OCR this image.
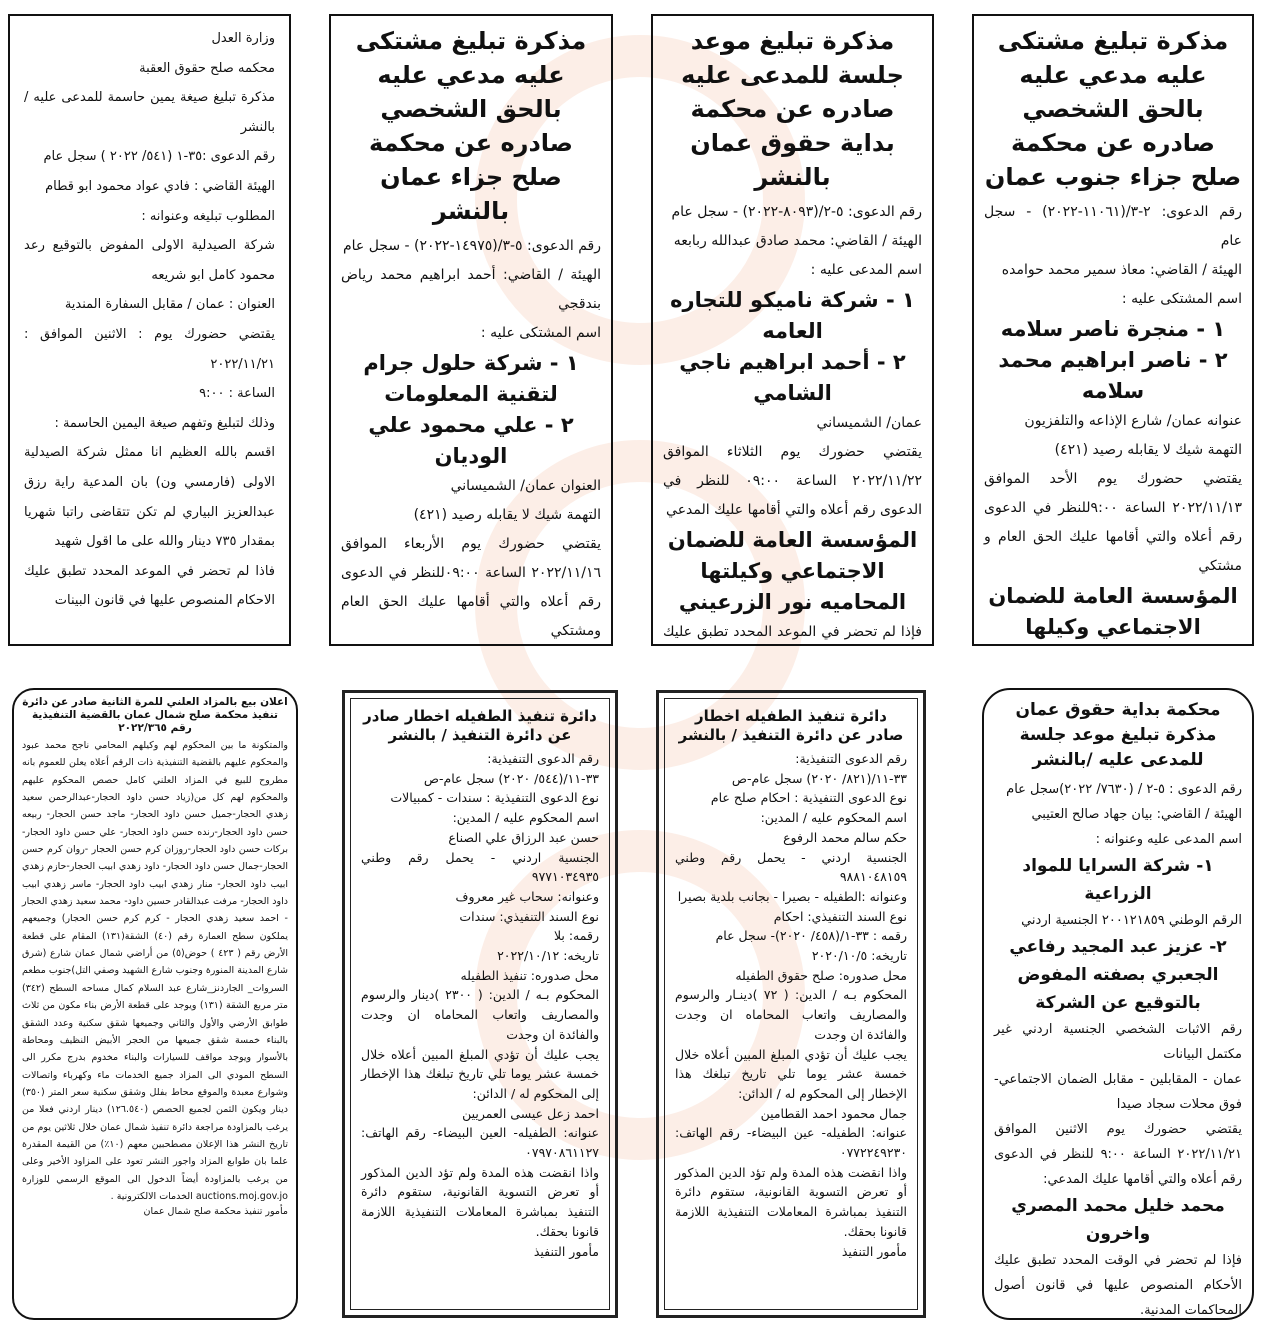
مذكرة تبليغ مشتكى عليه مدعي عليه بالحق الشخصي صادره عن محكمة صلح جزاء جنوب عمان

رقم الدعوى: ٢-٣/(١١٠٦١-٢٠٢٢) - سجل عام

الهيئة / القاضي: معاذ سمير محمد حوامده

اسم المشتكى عليه :

١ - منجرة ناصر سلامه

٢ - ناصر ابراهيم محمد سلامه

عنوانه عمان/ شارع الإذاعه والتلفزيون

التهمة شيك لا يقابله رصيد (٤٢١)

يقتضي حضورك يوم الأحد الموافق ٢٠٢٢/١١/١٣ الساعة ٩:٠٠للنظر في الدعوى رقم أعلاه والتي أقامها عليك الحق العام و مشتكي

المؤسسة العامة للضمان الاجتماعي وكيلها

مذكرة تبليغ موعد جلسة للمدعى عليه صادره عن محكمة بداية حقوق عمان بالنشر

رقم الدعوى: ٥-٢/(٨٠٩٣-٢٠٢٢) - سجل عام

الهيئة / القاضي: محمد صادق عبدالله ربابعه

اسم المدعى عليه :

١ - شركة ناميكو للتجاره العامه

٢ - أحمد ابراهيم ناجي الشامي

عمان/ الشميساني

يقتضي حضورك يوم الثلاثاء الموافق ٢٠٢٢/١١/٢٢ الساعة ٠٩:٠٠ للنظر في الدعوى رقم أعلاه والتي أقامها عليك المدعي

المؤسسة العامة للضمان الاجتماعي وكيلتها المحاميه نور الزرعيني

فإذا لم تحضر في الموعد المحدد تطبق عليك

مذكرة تبليغ مشتكى عليه مدعي عليه بالحق الشخصي صادره عن محكمة صلح جزاء عمان بالنشر

رقم الدعوى: ٥-٣/(١٤٩٧٥-٢٠٢٢) - سجل عام

الهيئة / القاضي: أحمد ابراهيم محمد رياض بندقجي

اسم المشتكى عليه :

١ - شركة حلول جرام لتقنية المعلومات

٢ - علي محمود علي الوديان

العنوان عمان/ الشميساني

التهمة شيك لا يقابله رصيد (٤٢١)

يقتضي حضورك يوم الأربعاء الموافق ٢٠٢٢/١١/١٦ الساعة ٠٩:٠٠للنظر في الدعوى رقم أعلاه والتي أقامها عليك الحق العام ومشتكي

وزارة العدل

محكمه صلح حقوق العقبة

مذكرة تبليغ صيغة يمين حاسمة للمدعى عليه / بالنشر

رقم الدعوى :٣٥-١ (٥٤١/ ٢٠٢٢ ) سجل عام

الهيئة القاضي : فادي عواد محمود ابو قطام

المطلوب تبليغه وعنوانه :

شركة الصيدلية الاولى المفوض بالتوقيع رعد محمود كامل ابو شريعه

العنوان : عمان / مقابل السفارة المندية

يقتضي حضورك يوم : الاثنين الموافق : ٢٠٢٢/١١/٢١

الساعة : ٩:٠٠

وذلك لتبليغ وتفهم صيغة اليمين الحاسمة :

اقسم بالله العظيم انا ممثل شركة الصيدلية الاولى (فارمسي ون) بان المدعية راية رزق عبدالعزيز البياري لم تكن تتقاضى راتبا شهريا بمقدار ٧٣٥ دينار والله على ما اقول شهيد

فاذا لم تحضر في الموعد المحدد تطبق عليك الاحكام المنصوص عليها في قانون البينات

محكمة بداية حقوق عمان مذكرة تبليغ موعد جلسة للمدعى عليه /بالنشر

رقم الدعوى : ٥-٢ / (٧٦٣٠/ ٢٠٢٢)سجل عام

الهيئة / القاضي: بيان جهاد صالح العتيبي

اسم المدعى عليه وعنوانه :

١- شركة السرايا للمواد الزراعية

الرقم الوطني ٢٠٠١٢١٨٥٩ الجنسية اردني

٢- عزيز عبد المجيد رفاعي الجعبري بصفته المفوض بالتوقيع عن الشركة

رقم الاثبات الشخصي الجنسية اردني غير مكتمل البيانات

عمان - المقابلين - مقابل الضمان الاجتماعي- فوق محلات سجاد صيدا

يقتضي حضورك يوم الاثنين الموافق ٢٠٢٢/١١/٢١ الساعة ٩:٠٠ للنظر في الدعوى رقم أعلاه والتي أقامها عليك المدعي:

محمد خليل محمد المصري واخرون

فإذا لم تحضر في الوقت المحدد تطبق عليك الأحكام المنصوص عليها في قانون أصول المحاكمات المدنية.

دائرة تنفيذ الطفيله اخطار صادر عن دائرة التنفيذ / بالنشر

رقم الدعوى التنفيذية:

٣٣-١١/(٨٢١/ ٢٠٢٠) سجل عام-ص

نوع الدعوى التنفيذية : احكام صلح عام

اسم المحكوم عليه / المدين:

حكم سالم محمد الرفوع

الجنسية اردني - يحمل رقم وطني ٩٨٨١٠٤٨١٥٩

وعنوانه :الطفيله - بصيرا - بجانب بلدية بصيرا

نوع السند التنفيذي: احكام

رقمه : ٣٣-١/(٤٥٨/ ٢٠٢٠)- سجل عام

تاريخه: ٢٠٢٠/١٠/٥

محل صدوره: صلح حقوق الطفيله

المحكوم بـه / الدين: ( ٧٢ )دينـار والرسوم والمصاريف واتعاب المحاماه ان وجدت والفائدة ان وجدت

يجب عليك أن تؤدي المبلغ المبين أعلاه خلال خمسة عشر يوما تلي تاريخ تبلغك هذا الإخطار إلى المحكوم له / الدائن:

جمال محمود احمد القطامين

عنوانه: الطفيله- عين البيضاء- رقم الهاتف: ٠٧٧٢٢٤٩٢٣٠

واذا انقضت هذه المدة ولم تؤد الدين المذكور أو تعرض التسوية القانونية، ستقوم دائرة التنفيذ بمباشرة المعاملات التنفيذية اللازمة قانونا بحقك.

مأمور التنفيذ

دائرة تنفيذ الطفيله اخطار صادر عن دائرة التنفيذ / بالنشر

رقم الدعوى التنفيذية:

٣٣-١١/(٥٤٤/ ٢٠٢٠) سجل عام-ص

نوع الدعوى التنفيذية : سندات - كمبيالات

اسم المحكوم عليه / المدين:

حسن عبد الرزاق علي الصناع

الجنسية اردني - يحمل رقم وطني ٩٧٧١٠٣٤٩٣٥

وعنوانه: سحاب غير معروف

نوع السند التنفيذي: سندات

رقمه: بلا

تاريخه: ٢٠٢٢/١٠/١٢

محل صدوره: تنفيذ الطفيله

المحكوم بـه / الدين: ( ٢٣٠٠ )دينار والرسوم والمصاريف واتعاب المحاماه ان وجدت والفائدة ان وجدت

يجب عليك أن تؤدي المبلغ المبين أعلاه خلال خمسة عشر يوما تلي تاريخ تبلغك هذا الإخطار إلى المحكوم له / الدائن:

احمد زعل عيسى العمريين

عنوانه: الطفيله- العين البيضاء- رقم الهاتف: ٠٧٩٧٠٨٦١١٢٧

واذا انقضت هذه المدة ولم تؤد الدين المذكور أو تعرض التسوية القانونية، ستقوم دائرة التنفيذ بمباشرة المعاملات التنفيذية اللازمة قانونا بحقك.

مأمور التنفيذ

اعلان بيع بالمزاد العلني للمرة الثانية صادر عن دائرة تنفيذ محكمة صلح شمال عمان بالقضية التنفيذية رقم ٢٠٢٢/٣٦٥

والمتكونة ما بين المحكوم لهم وكيلهم المحامي ناجح محمد عبود والمحكوم عليهم بالقضية التنفيذية ذات الرقم أعلاه يعلن للعموم بانه مطروح للبيع في المزاد العلني كامل حصص المحكوم عليهم والمحكوم لهم كل من(زياد حسن داود الحجار-عبدالرحمن سعيد زهدي الحجار-جميل حسن داود الحجار- ماجد حسن الحجار- ربيعه حسن داود الحجار-رنده حسن داود الحجار- علي حسن داود الحجار-بركات حسن داود الحجار-روزان كرم حسن الحجار -روان كرم حسن الحجار-جمال حسن داود الحجار- داود زهدي ابيب الحجار-حازم زهدي ابيب داود الحجار- منار زهدي ابيب داود الحجار- ماسر زهدي ابيب داود الحجار- مرفت عبدالقادر حسين داود- محمد سعيد زهدي الحجار - احمد سعيد زهدي الحجار - كرم كرم حسن الحجار) وجميعهم يملكون سطح العمارة رقم (٤٠) الشقة(١٣١) المقام على قطعة الأرض رقم ( ٤٢٣ ) حوض(٥) من أراضي شمال عمان شارع (شرق شارع المدينة المنورة وجنوب شارع الشهيد وصفي التل)جنوب مطعم السروات_ الجاردنز_شارع عبد السلام كمال مساحه السطح (٣٤٢) متر مربع الشقة (١٣١) ويوجد على قطعة الأرض بناء مكون من ثلاث طوابق الأرضي والأول والثاني وجميعها شقق سكنية وعدد الشقق بالبناء خمسة شقق جميعها من الحجر الأبيض النظيف ومحاطة بالأسوار ويوجد مواقف للسيارات والبناء مخدوم بدرج مكرر الى السطح المودي الى المزاد جميع الخدمات ماء وكهرباء واتصالات وشوارع معبدة والموقع محاط بفلل وشقق سكنية سعر المتر (٣٥٠) دينار ويكون الثمن لجميع الحصص (١٢٦.٥٤٠) دينار اردني فعلا من يرغب بالمزاودة مراجعة دائرة تنفيذ شمال عمان خلال ثلاثين يوم من تاريخ النشر هذا الإعلان مصطحبين معهم (١٠٪) من القيمة المقدرة علما بان طوابع المزاد واجور النشر تعود على المزاود الأخير وعلى من يرغب بالمزاودة أيضاً الدخول الى الموقع الرسمي للوزارة auctions.moj.gov.jo الخدمات الالكترونية .

مأمور تنفيذ محكمة صلح شمال عمان
